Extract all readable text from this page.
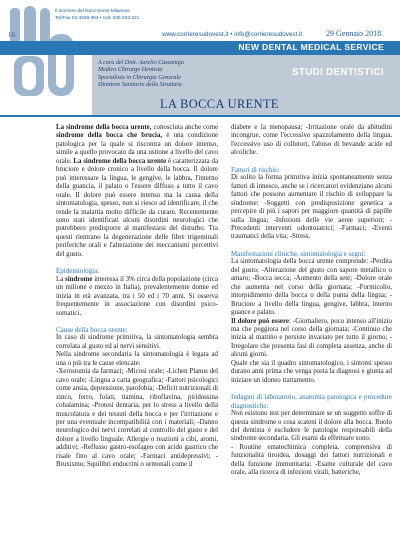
Il Corriere del Nord Ovest Milanese
Tel/Fax 02.4839.364 • cell. 335.533.221
16	www.corrieresudovest.it • info@corrieresudovest.it	29 Gennaio 2018
NEW DENTAL MEDICAL SERVICE
A cura del Dott. Aurelio Cazzaniga
Medico Chirurgo Dentista
Specialista in Chirurgia Generale
Direttore Sanitario della Struttura
STUDI DENTISTICI
LA BOCCA URENTE

La sindrome della bocca urente, conosciuta anche come sindrome della bocca che brucia, è una condizione patologica per la quale si riscontra un dolore intenso, simile a quello provocato da una ustione a livello del cavo orale. La sindrome della bocca urente è caratterizzata da bruciore e dolore cronico a livello della bocca. Il dolore può interessare la lingua, le gengive, le labbra, l'interno della guancia, il palato o l'essere diffuso a tutto il cavo orale. Il dolore può essere intenso ma la causa della sintomatologia, spesso, non si riesce ad identificare, il che rende la malattia molto difficile da curare. Recentemente sono stati identificati alcuni disordini neurologici che potrebbero predisporre al manifestarsi del disturbo. Tra questi rientrano la degenerazione delle fibre trigeminali periferiche orali e l'alterazione dei meccanismi percettivi del gusto.

Epidemiologia:

La sindrome interessa il 3% circa della popolazione (circa un milione e mezzo in Italia), prevalentemente donne ed inizia in età avanzata, tra i 50 ed i 70 anni. Si osserva frequentemente in associazione con disordini psico-somatici.

Cause della bocca urente:

In caso di sindrome primitiva, la sintomatologia sembra correlata al gusto ed ai nervi sensitivi.

Nella sindrome secondaria la sintomatologia è legata ad una o più tra le cause elencate:

-Xerostomia da farmaci; -Micosi orale; -Lichen Planus del cavo orale; -Lingua a carta geografica; -Fattori psicologici come ansia, depressione, patofobia; -Deficit nutrizionali di zinco, ferro, folati, tiamina, riboflavina, piridossina cobalamina; -Protesi dentaria, per lo stress a livello della muscolatura e dei tessuti della bocca e per l'irritazione e per una eventuale incompatibilità con i materiali; -Danno neurologico dei nervi correlati al controllo del gusto e del dolore a livello linguale. Allergie o reazioni a cibi, aromi, additivi; -Reflusso gastro-esofageo con acido gastrico che risale fino al cavo orale; -Farmaci antidepressivi; -Bruxismo; Squilibri endocrini o ormonali come il

diabete e la menopausa; -Irritazione orale da abitudini incongrue, come l'eccessivo spazzolamento della lingua, l'eccessivo uso di collutori, l'abuso di bevande acide ed alcoliche.

Fattori di rischio:

Di solito la forma primitiva inizia spontaneamente senza fattori di innesco, anche se i ricercatori evidenziano alcuni fattori che possono aumentare il rischio di sviluppare la sindrome: -Soggetti con predisposizione genetica a percepire di più i sapori per maggiore quantità di papille sulla lingua; -Infezioni delle vie aeree superiori; -Precedenti interventi odontoiatrici; -Farmaci; -Eventi traumatici della vita; -Stress.

Manifestazioni cliniche, sintomatologia e segni:

La sintomatologia della bocca urente comprende: -Perdita del gusto; -Alterazione del gusto con sapore metallico o amaro; -Bocca secca; -Aumento della sete; -Dolore orale che aumenta nel corso della giornata; -Formicolio, intorpidimento della bocca o della punta della lingua; -Bruciore a livello della lingua, gengive, labbra, interno guance e palato.

Il dolore può essere: -Giornaliero, poco intenso all'inizio ma che peggiora nel corso della giornata; -Continuo che inizia al mattino e persiste invariato per tutto il giorno; -Irregolare che presenta fasi di completa assenza, anche di alcuni giorni.

Quale che sia il quadro sintomatologico, i sintomi spesso durano anni prima che venga posta la diagnosi e giunta ad iniziare un idoneo trattamento.

Indagini di laboratorio, anatomia patologica e procedure diagnostiche:

Non esistono test per determinare se un soggetto soffre di questa sindrome o cosa scateni il dolore alla bocca. Ruolo del dentista è escludere le patologie responsabili della sindrome secondaria. Gli esami da effettuare sono:

- Routine ematochimica completa, comprensiva di funzionalità tiroidea, dosaggi dei fattori nutrizionali e della funzione immunitaria; -Esame culturale del cavo orale, alla ricerca di infezioni virali, batteriche,
